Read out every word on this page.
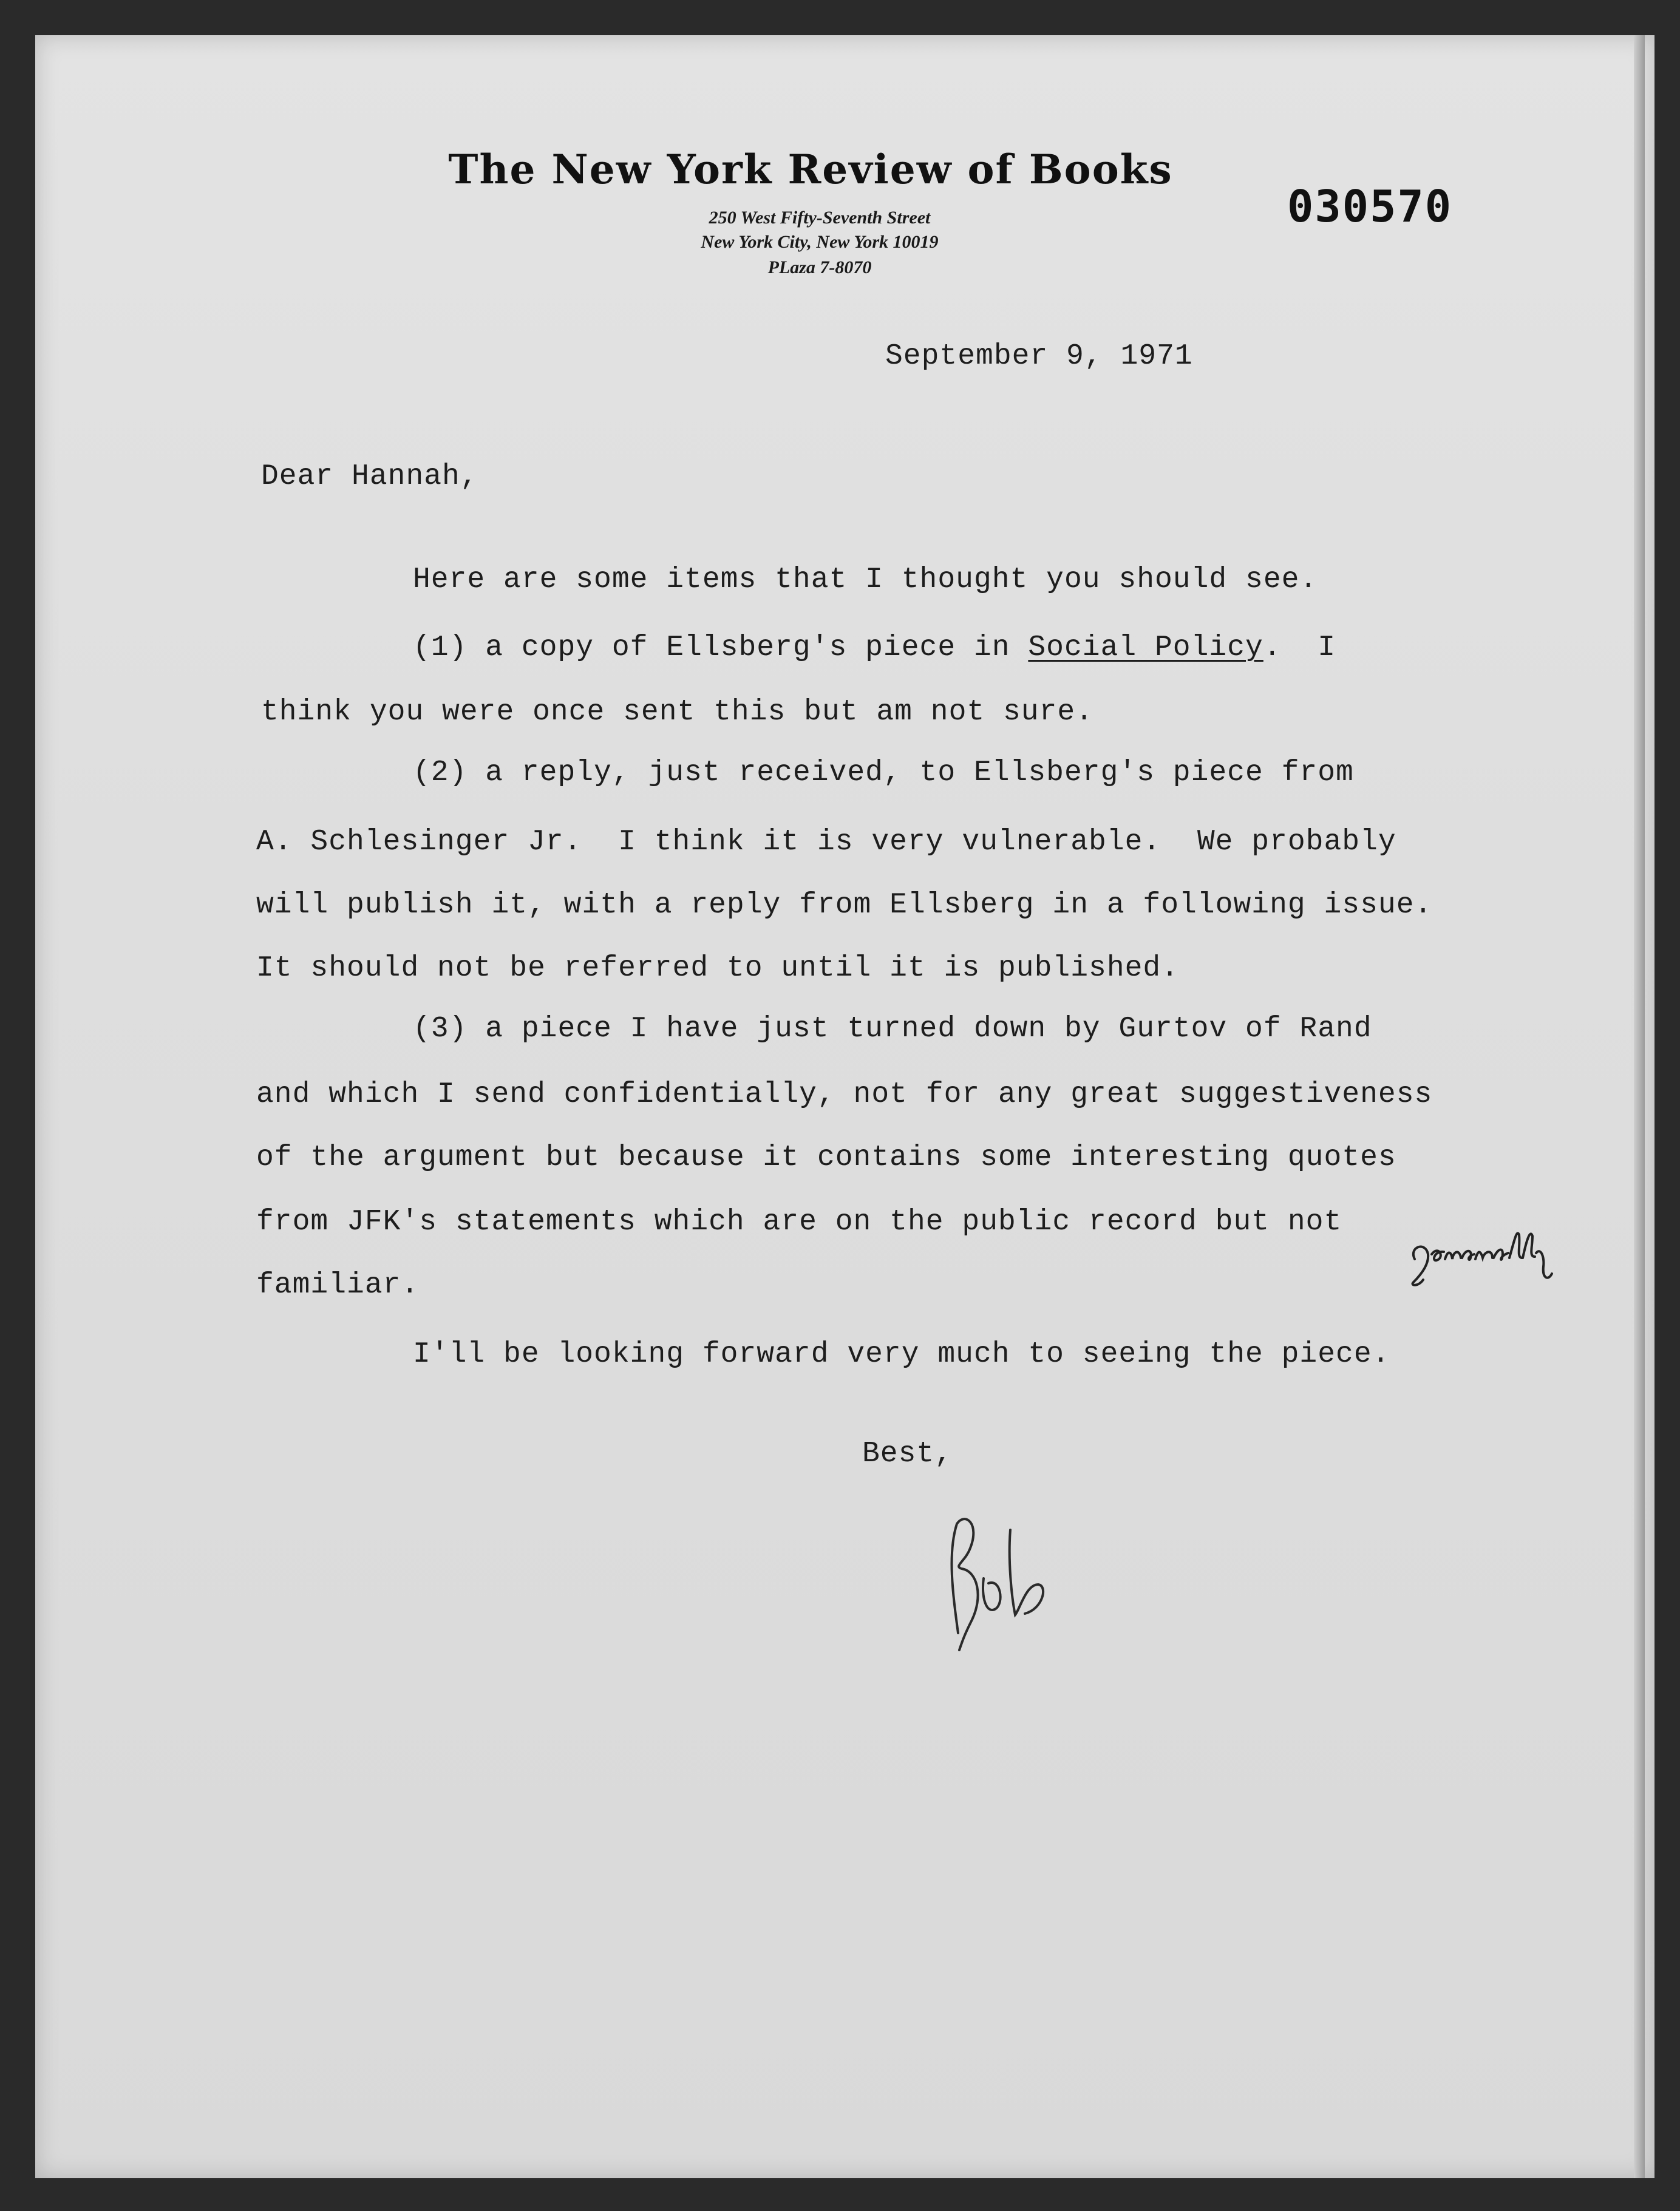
The New York Review of Books
250 West Fifty-Seventh Street
New York City, New York 10019
PLaza 7-8070
030570
September 9, 1971
Dear Hannah,
Here are some items that I thought you should see.
(1) a copy of Ellsberg's piece in Social Policy.  I
think you were once sent this but am not sure.
(2) a reply, just received, to Ellsberg's piece from
A. Schlesinger Jr.  I think it is very vulnerable.  We probably
will publish it, with a reply from Ellsberg in a following issue.
It should not be referred to until it is published.
(3) a piece I have just turned down by Gurtov of Rand
and which I send confidentially, not for any great suggestiveness
of the argument but because it contains some interesting quotes
from JFK's statements which are on the public record but not
familiar.
I'll be looking forward very much to seeing the piece.
Best,
